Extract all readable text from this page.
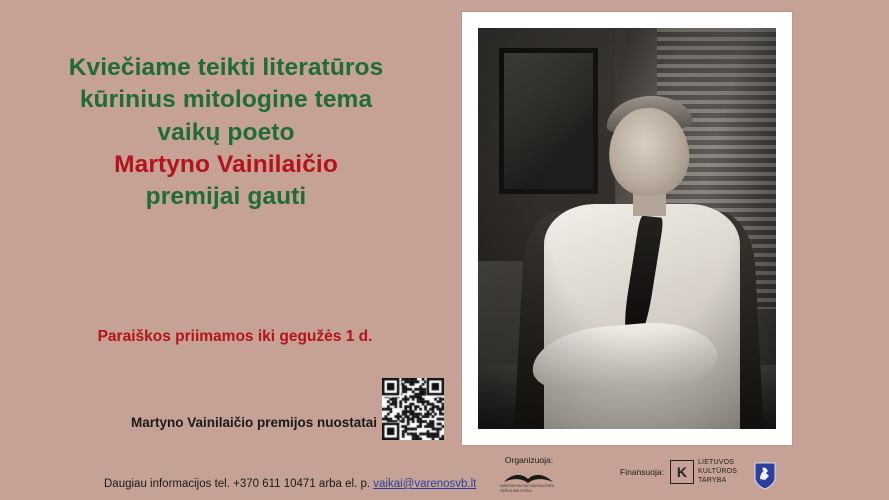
Kviečiame teikti literatūros
kūrinius mitologine tema
vaikų poeto
Martyno Vainilaičio
premijai gauti
Paraiškos priimamos iki gegužės 1 d.
Martyno Vainilaičio premijos nuostatai
Daugiau informacijos tel. +370 611 10471 arba el. p. vaikai@varenosvb.lt
Organizuoja:
VARĖNOS RAJONO SAVIVALDYBĖS
VIEŠOJI BIBLIOTEKA
Finansuoja: K
LIETUVOS
KULTŪROS
TARYBA
